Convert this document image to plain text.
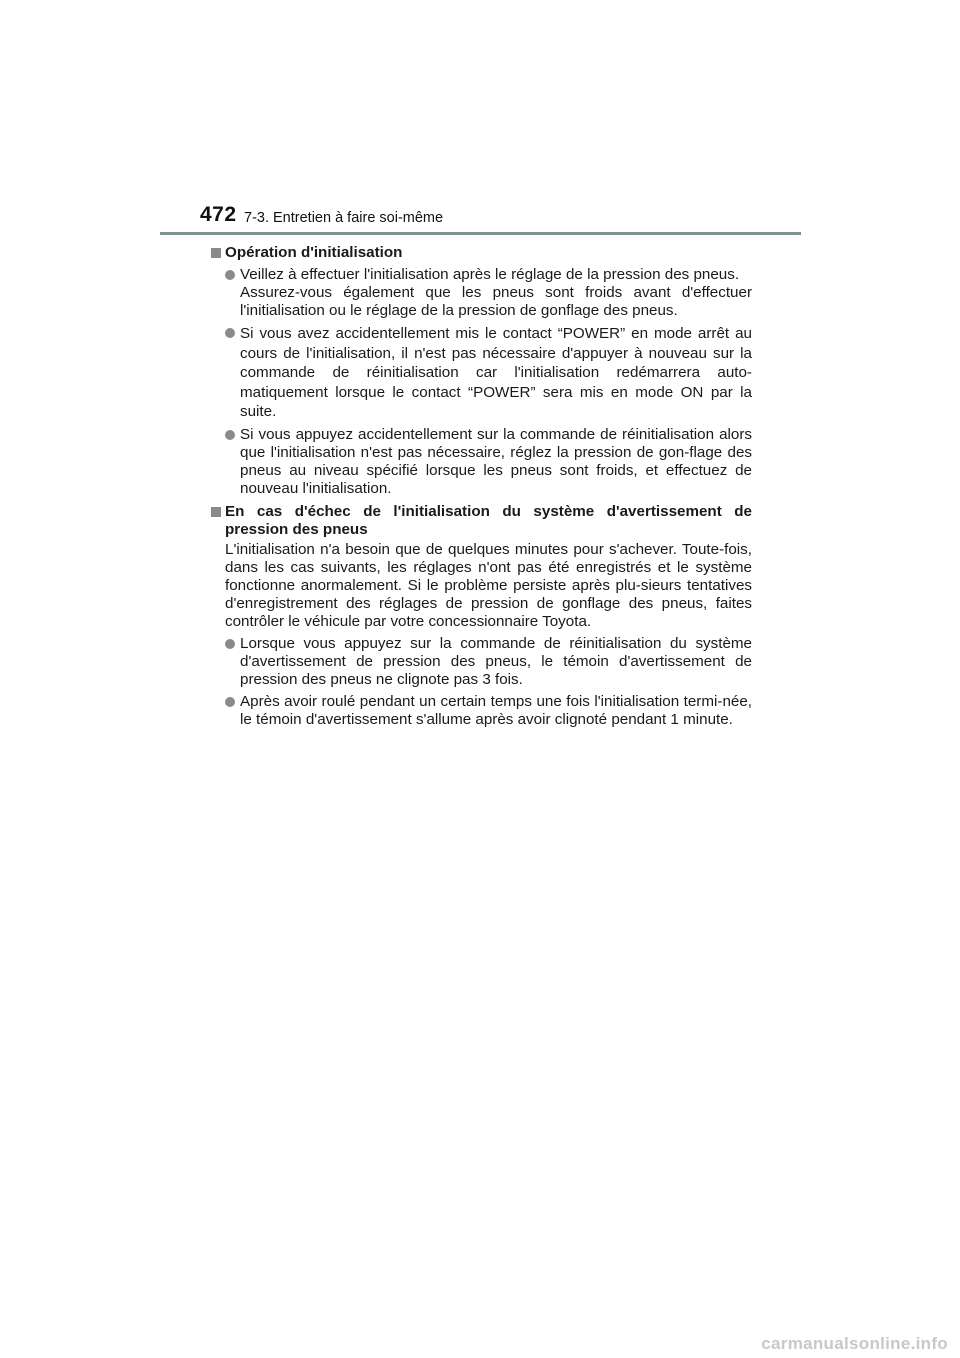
472 7-3. Entretien à faire soi-même
Opération d'initialisation
Veillez à effectuer l'initialisation après le réglage de la pression des pneus.
Assurez-vous également que les pneus sont froids avant d'effectuer l'initialisation ou le réglage de la pression de gonflage des pneus.
Si vous avez accidentellement mis le contact “POWER” en mode arrêt au cours de l'initialisation, il n'est pas nécessaire d'appuyer à nouveau sur la commande de réinitialisation car l'initialisation redémarrera auto-matiquement lorsque le contact “POWER” sera mis en mode ON par la suite.
Si vous appuyez accidentellement sur la commande de réinitialisation alors que l'initialisation n'est pas nécessaire, réglez la pression de gon-flage des pneus au niveau spécifié lorsque les pneus sont froids, et effectuez de nouveau l'initialisation.
En cas d'échec de l'initialisation du système d'avertissement de pression des pneus
L'initialisation n'a besoin que de quelques minutes pour s'achever. Toute-fois, dans les cas suivants, les réglages n'ont pas été enregistrés et le système fonctionne anormalement. Si le problème persiste après plu-sieurs tentatives d'enregistrement des réglages de pression de gonflage des pneus, faites contrôler le véhicule par votre concessionnaire Toyota.
Lorsque vous appuyez sur la commande de réinitialisation du système d'avertissement de pression des pneus, le témoin d'avertissement de pression des pneus ne clignote pas 3 fois.
Après avoir roulé pendant un certain temps une fois l'initialisation termi-née, le témoin d'avertissement s'allume après avoir clignoté pendant 1 minute.
carmanualsonline.info
